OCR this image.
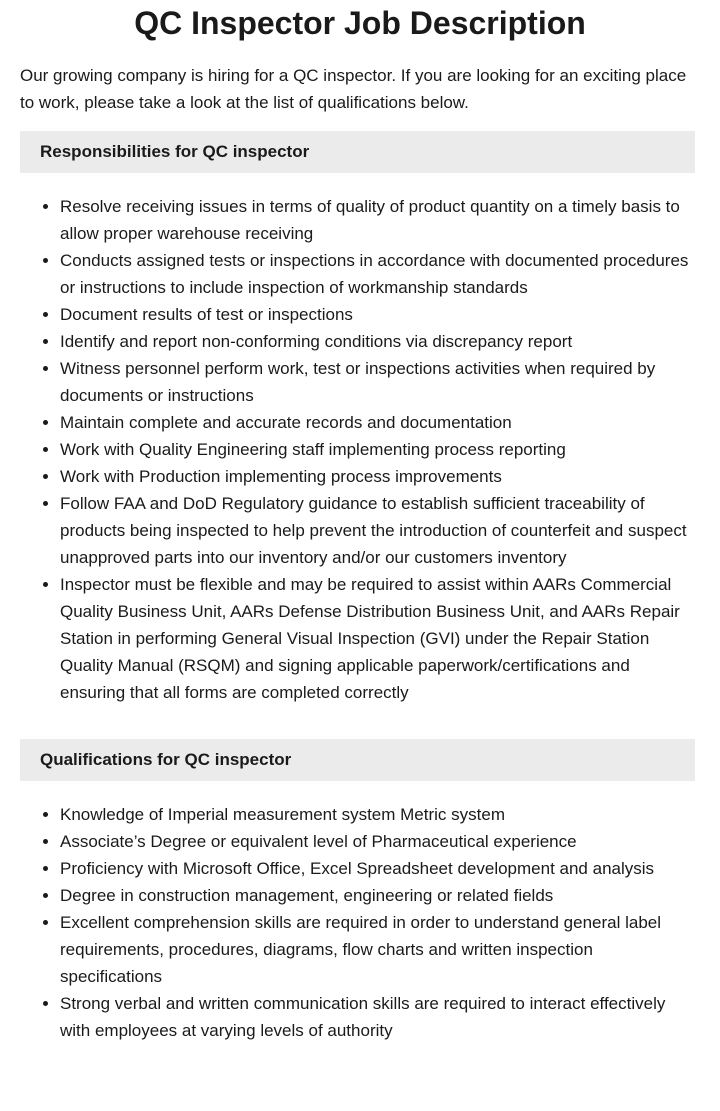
QC Inspector Job Description

Our growing company is hiring for a QC inspector. If you are looking for an exciting place to work, please take a look at the list of qualifications below.

Responsibilities for QC inspector
• Resolve receiving issues in terms of quality of product quantity on a timely basis to allow proper warehouse receiving
• Conducts assigned tests or inspections in accordance with documented procedures or instructions to include inspection of workmanship standards
• Document results of test or inspections
• Identify and report non-conforming conditions via discrepancy report
• Witness personnel perform work, test or inspections activities when required by documents or instructions
• Maintain complete and accurate records and documentation
• Work with Quality Engineering staff implementing process reporting
• Work with Production implementing process improvements
• Follow FAA and DoD Regulatory guidance to establish sufficient traceability of products being inspected to help prevent the introduction of counterfeit and suspect unapproved parts into our inventory and/or our customers inventory
• Inspector must be flexible and may be required to assist within AARs Commercial Quality Business Unit, AARs Defense Distribution Business Unit, and AARs Repair Station in performing General Visual Inspection (GVI) under the Repair Station Quality Manual (RSQM) and signing applicable paperwork/certifications and ensuring that all forms are completed correctly
Qualifications for QC inspector
• Knowledge of Imperial measurement system Metric system
• Associate’s Degree or equivalent level of Pharmaceutical experience
• Proficiency with Microsoft Office, Excel Spreadsheet development and analysis
• Degree in construction management, engineering or related fields
• Excellent comprehension skills are required in order to understand general label requirements, procedures, diagrams, flow charts and written inspection specifications
• Strong verbal and written communication skills are required to interact effectively with employees at varying levels of authority
